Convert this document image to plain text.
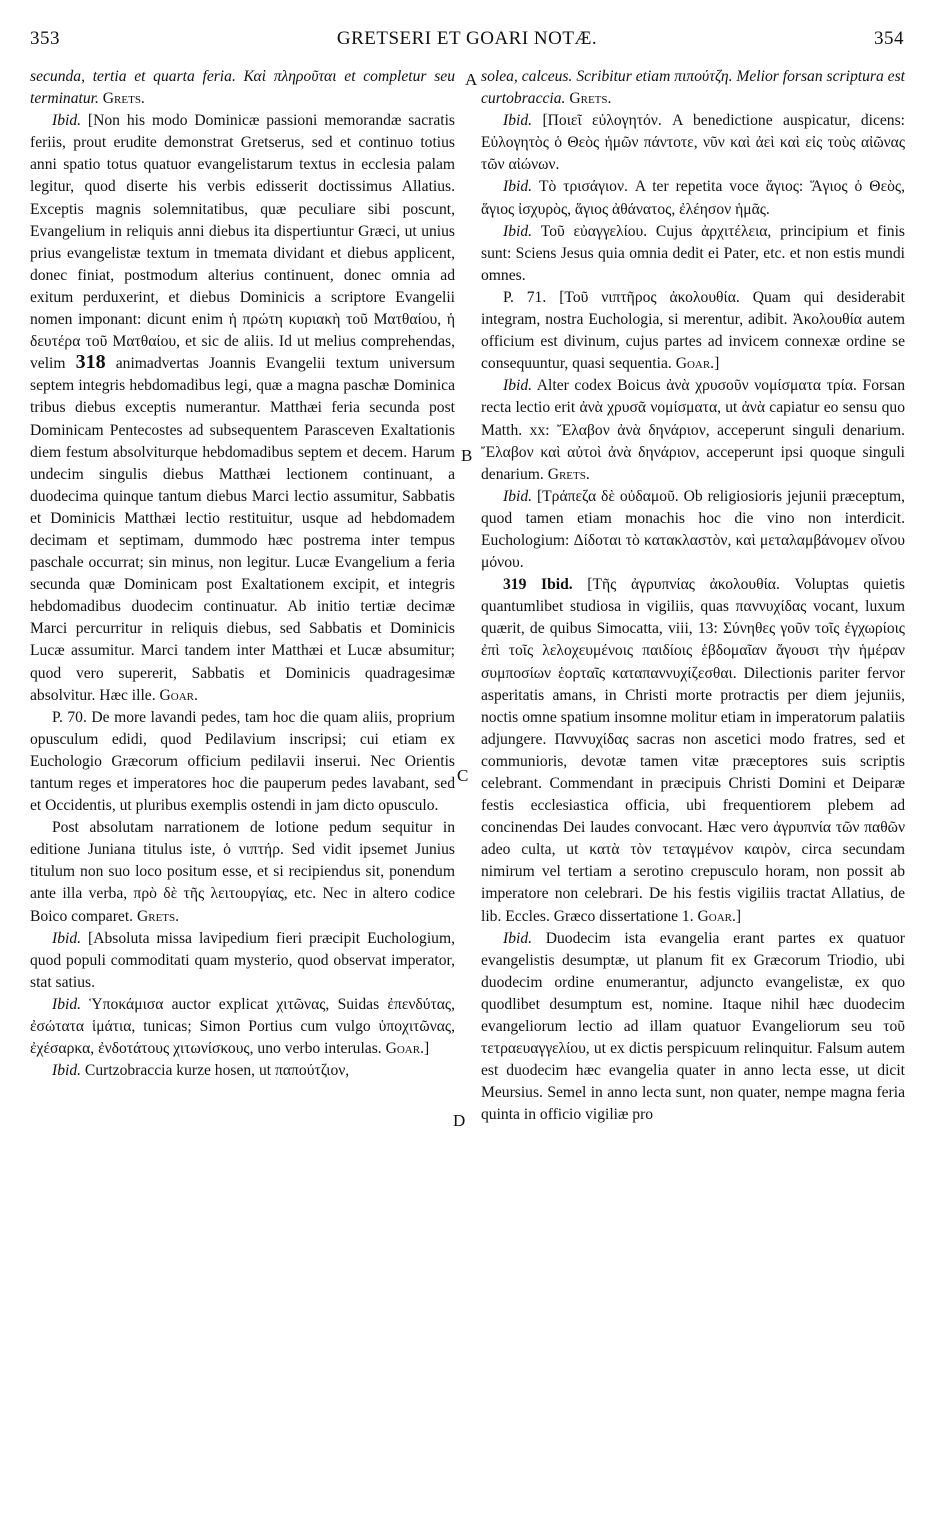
353	GRETSERI ET GOARI NOTÆ.	354
A
B
C
D

secunda, tertia et quarta feria. Καὶ πληροῦται et completur seu terminatur. Grets.

Ibid. [Non his modo Dominicæ passioni memorandæ sacratis feriis, prout erudite demonstrat Gretserus, sed et continuo totius anni spatio totus quatuor evangelistarum textus in ecclesia palam legitur, quod diserte his verbis edisserit doctissimus Allatius. Exceptis magnis solemnitatibus, quæ peculiare sibi poscunt, Evangelium in reliquis anni diebus ita dispertiuntur Græci, ut unius prius evangelistæ textum in tmemata dividant et diebus applicent, donec finiat, postmodum alterius continuent, donec omnia ad exitum perduxerint, et diebus Dominicis a scriptore Evangelii nomen imponant: dicunt enim ἡ πρώτη κυριακὴ τοῦ Ματθαίου, ἡ δευτέρα τοῦ Ματθαίου, et sic de aliis. Id ut melius comprehendas, velim 318 animadvertas Joannis Evangelii textum universum septem integris hebdomadibus legi, quæ a magna paschæ Dominica tribus diebus exceptis numerantur. Matthæi feria secunda post Dominicam Pentecostes ad subsequentem Parasceven Exaltationis diem festum absolviturque hebdomadibus septem et decem. Harum undecim singulis diebus Matthæi lectionem continuant, a duodecima quinque tantum diebus Marci lectio assumitur, Sabbatis et Dominicis Matthæi lectio restituitur, usque ad hebdomadem decimam et septimam, dummodo hæc postrema inter tempus paschale occurrat; sin minus, non legitur. Lucæ Evangelium a feria secunda quæ Dominicam post Exaltationem excipit, et integris hebdomadibus duodecim continuatur. Ab initio tertiæ decimæ Marci percurritur in reliquis diebus, sed Sabbatis et Dominicis Lucæ assumitur. Marci tandem inter Matthæi et Lucæ absumitur; quod vero supererit, Sabbatis et Dominicis quadragesimæ absolvitur. Hæc ille. Goar.

P. 70. De more lavandi pedes, tam hoc die quam aliis, proprium opusculum edidi, quod Pedilavium inscripsi; cui etiam ex Euchologio Græcorum officium pedilavii inserui. Nec Orientis tantum reges et imperatores hoc die pauperum pedes lavabant, sed et Occidentis, ut pluribus exemplis ostendi in jam dicto opusculo.

Post absolutam narrationem de lotione pedum sequitur in editione Juniana titulus iste, ὁ νιπτήρ. Sed vidit ipsemet Junius titulum non suo loco positum esse, et si recipiendus sit, ponendum ante illa verba, πρὸ δὲ τῆς λειτουργίας, etc. Nec in altero codice Boico comparet. Grets.

Ibid. [Absoluta missa lavipedium fieri præcipit Euchologium, quod populi commoditati quam mysterio, quod observat imperator, stat satius.

Ibid. Ὑποκάμισα auctor explicat χιτῶνας, Suidas ἐπενδύτας, ἐσώτατα ἱμάτια, tunicas; Simon Portius cum vulgo ὑποχιτῶνας, ἐχέσαρκα, ἐνδοτάτους χιτωνίσκους, uno verbo interulas. Goar.]

Ibid. Curtzobraccia kurze hosen, ut παπούτζιον,

solea, calceus. Scribitur etiam πιπούτζη. Melior forsan scriptura est curtobraccia. Grets.

Ibid. [Ποιεῖ εὐλογητόν. A benedictione auspicatur, dicens: Εὐλογητὸς ὁ Θεὸς ἡμῶν πάντοτε, νῦν καὶ ἀεὶ καὶ εἰς τοὺς αἰῶνας τῶν αἰώνων.

Ibid. Τὸ τρισάγιον. A ter repetita voce ἅγιος: Ἅγιος ὁ Θεὸς, ἅγιος ἰσχυρὸς, ἅγιος ἀθάνατος, ἐλέησον ἡμᾶς.

Ibid. Τοῦ εὐαγγελίου. Cujus ἀρχιτέλεια, principium et finis sunt: Sciens Jesus quia omnia dedit ei Pater, etc. et non estis mundi omnes.

P. 71. [Τοῦ νιπτῆρος ἀκολουθία. Quam qui desiderabit integram, nostra Euchologia, si merentur, adibit. Ἀκολουθία autem officium est divinum, cujus partes ad invicem connexæ ordine se consequuntur, quasi sequentia. Goar.]

Ibid. Alter codex Boicus ἀνὰ χρυσοῦν νομίσματα τρία. Forsan recta lectio erit ἀνὰ χρυσᾶ νομίσματα, ut ἀνὰ capiatur eo sensu quo Matth. xx: Ἔλαβον ἀνὰ δηνάριον, acceperunt singuli denarium. Ἔλαβον καὶ αὐτοὶ ἀνὰ δηνάριον, acceperunt ipsi quoque singuli denarium. Grets.

Ibid. [Τράπεζα δὲ οὐδαμοῦ. Ob religiosioris jejunii præceptum, quod tamen etiam monachis hoc die vino non interdicit. Euchologium: Δίδοται τὸ κατακλαστὸν, καὶ μεταλαμβάνομεν οἴνου μόνου.

319 Ibid. [Τῆς ἀγρυπνίας ἀκολουθία. Voluptas quietis quantumlibet studiosa in vigiliis, quas παννυχίδας vocant, luxum quærit, de quibus Simocatta, viii, 13: Σύνηθες γοῦν τοῖς ἐγχωρίοις ἐπὶ τοῖς λελοχευμένοις παιδίοις ἑβδομαῖαν ἄγουσι τὴν ἡμέραν συμποσίων ἑορταῖς καταπαννυχίζεσθαι. Dilectionis pariter fervor asperitatis amans, in Christi morte protractis per diem jejuniis, noctis omne spatium insomne molitur etiam in imperatorum palatiis adjungere. Παννυχίδας sacras non ascetici modo fratres, sed et communioris, devotæ tamen vitæ præceptores suis scriptis celebrant. Commendant in præcipuis Christi Domini et Deiparæ festis ecclesiastica officia, ubi frequentiorem plebem ad concinendas Dei laudes convocant. Hæc vero ἀγρυπνία τῶν παθῶν adeo culta, ut κατὰ τὸν τεταγμένον καιρὸν, circa secundam nimirum vel tertiam a serotino crepusculo horam, non possit ab imperatore non celebrari. De his festis vigiliis tractat Allatius, de lib. Eccles. Græco dissertatione 1. Goar.]

Ibid. Duodecim ista evangelia erant partes ex quatuor evangelistis desumptæ, ut planum fit ex Græcorum Triodio, ubi duodecim ordine enumerantur, adjuncto evangelistæ, ex quo quodlibet desumptum est, nomine. Itaque nihil hæc duodecim evangeliorum lectio ad illam quatuor Evangeliorum seu τοῦ τετραευαγγελίου, ut ex dictis perspicuum relinquitur. Falsum autem est duodecim hæc evangelia quater in anno lecta esse, ut dicit Meursius. Semel in anno lecta sunt, non quater, nempe magna feria quinta in officio vigiliæ pro
